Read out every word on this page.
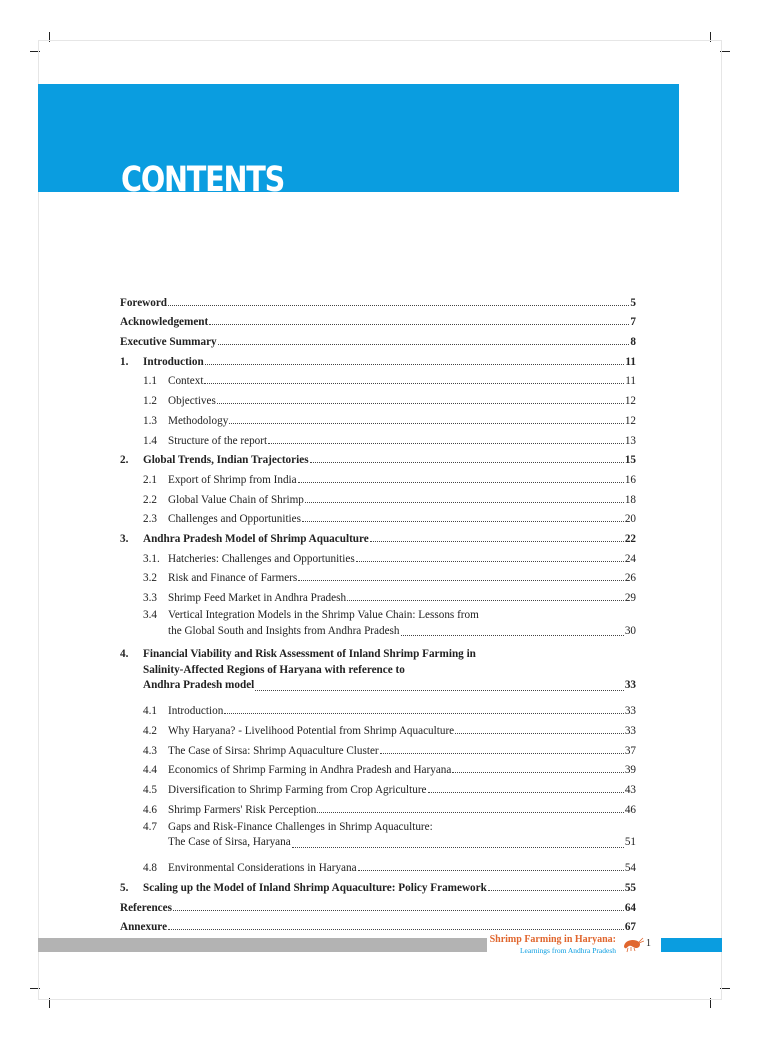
CONTENTS
Foreword	5
Acknowledgement	7
Executive Summary	8
1.	Introduction	11
1.1 Context	11
1.2 Objectives	12
1.3 Methodology	12
1.4 Structure of the report	13
2.	Global Trends, Indian Trajectories	15
2.1 Export of Shrimp from India	16
2.2 Global Value Chain of Shrimp	18
2.3 Challenges and Opportunities	20
3.	Andhra Pradesh Model of Shrimp Aquaculture	22
3.1. Hatcheries: Challenges and Opportunities	24
3.2 Risk and Finance of Farmers	26
3.3 Shrimp Feed Market in Andhra Pradesh	29
3.4 Vertical Integration Models in the Shrimp Value Chain: Lessons from
the Global South and Insights from Andhra Pradesh	30
4.	Financial Viability and Risk Assessment of Inland Shrimp Farming in
Salinity-Affected Regions of Haryana with reference to
Andhra Pradesh model	33
4.1 Introduction	33
4.2 Why Haryana? - Livelihood Potential from Shrimp Aquaculture	33
4.3 The Case of Sirsa: Shrimp Aquaculture Cluster	37
4.4 Economics of Shrimp Farming in Andhra Pradesh and Haryana	39
4.5 Diversification to Shrimp Farming from Crop Agriculture	43
4.6 Shrimp Farmers' Risk Perception	46
4.7 Gaps and Risk-Finance Challenges in Shrimp Aquaculture:
The Case of Sirsa, Haryana	51
4.8 Environmental Considerations in Haryana	54
5.	Scaling up the Model of Inland Shrimp Aquaculture: Policy Framework	55
References	64
Annexure	67
Shrimp Farming in Haryana:
Learnings from Andhra Pradesh
1
